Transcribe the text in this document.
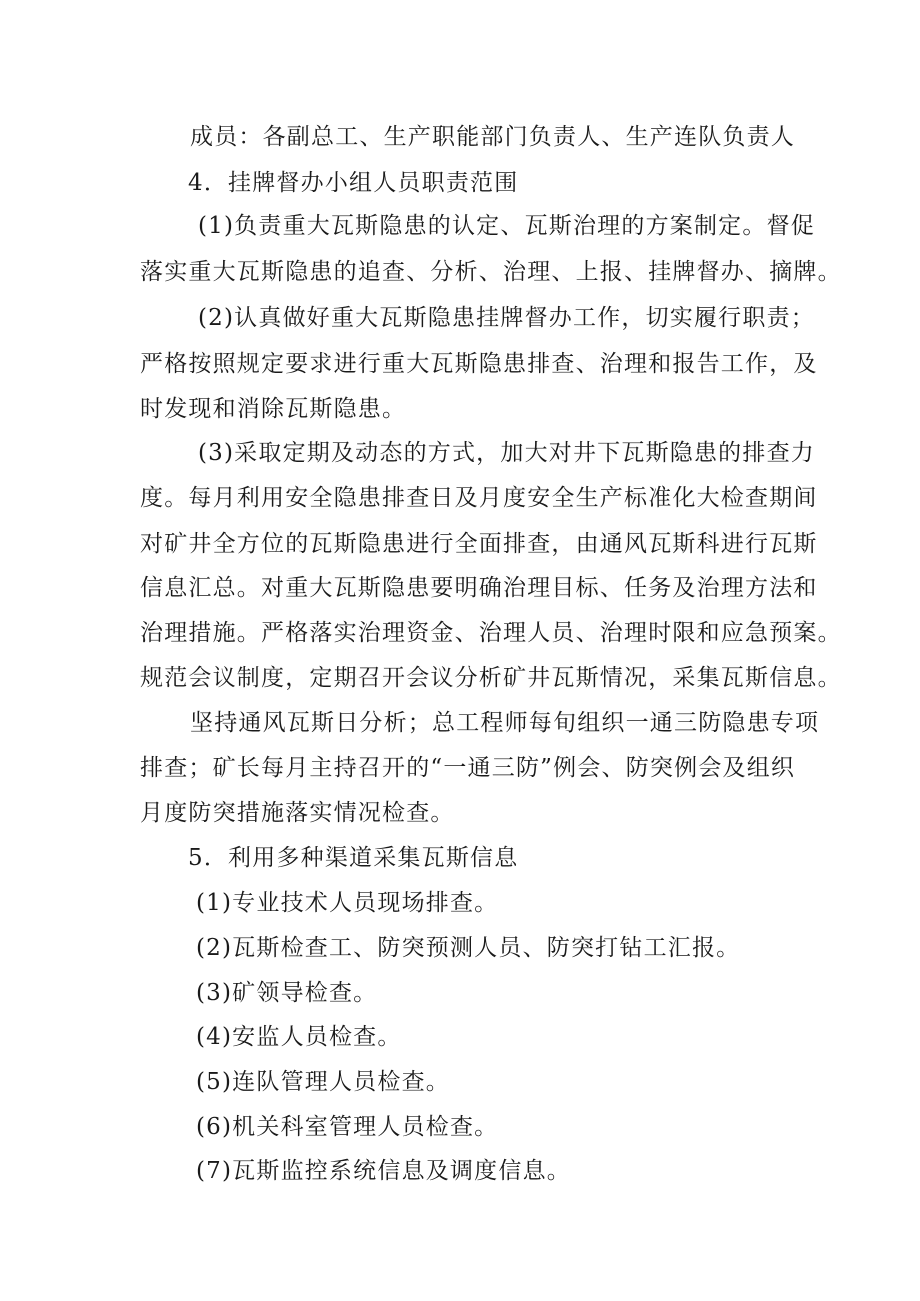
成员：各副总工、生产职能部门负责人、生产连队负责人
4．挂牌督办小组人员职责范围
(1)负责重大瓦斯隐患的认定、瓦斯治理的方案制定。督促
落实重大瓦斯隐患的追查、分析、治理、上报、挂牌督办、摘牌。
(2)认真做好重大瓦斯隐患挂牌督办工作，切实履行职责；
严格按照规定要求进行重大瓦斯隐患排查、治理和报告工作，及
时发现和消除瓦斯隐患。
(3)采取定期及动态的方式，加大对井下瓦斯隐患的排查力
度。每月利用安全隐患排查日及月度安全生产标准化大检查期间
对矿井全方位的瓦斯隐患进行全面排查，由通风瓦斯科进行瓦斯
信息汇总。对重大瓦斯隐患要明确治理目标、任务及治理方法和
治理措施。严格落实治理资金、治理人员、治理时限和应急预案。
规范会议制度，定期召开会议分析矿井瓦斯情况，采集瓦斯信息。
坚持通风瓦斯日分析；总工程师每旬组织一通三防隐患专项
排查；矿长每月主持召开的“一通三防”例会、防突例会及组织
月度防突措施落实情况检查。
5．利用多种渠道采集瓦斯信息
(1)专业技术人员现场排查。
(2)瓦斯检查工、防突预测人员、防突打钻工汇报。
(3)矿领导检查。
(4)安监人员检查。
(5)连队管理人员检查。
(6)机关科室管理人员检查。
(7)瓦斯监控系统信息及调度信息。
